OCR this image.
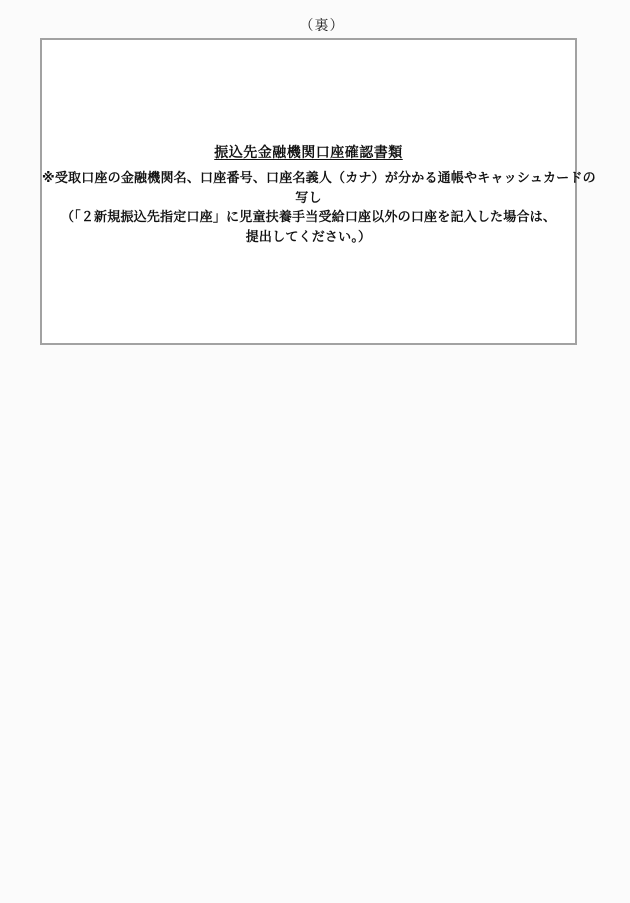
（裏）
振込先金融機関口座確認書類
※受取口座の金融機関名、口座番号、口座名義人（カナ）が分かる通帳やキャッシュカードの
写し
（「２新規振込先指定口座」に児童扶養手当受給口座以外の口座を記入した場合は、
提出してください。）
